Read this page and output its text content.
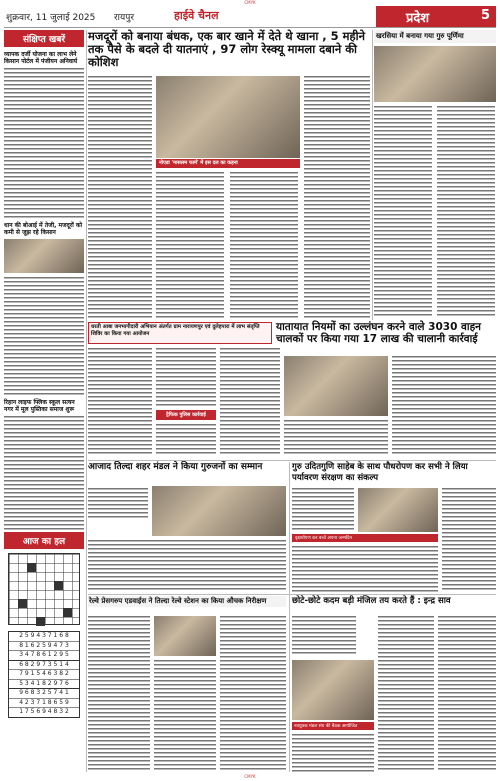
CMYK
शुक्रवार, 11 जुलाई 2025 रायपुर	हाईवे चैनल	प्रदेश	5
संक्षिप्त खबरें
व्यापक दर्जी योजना का लाभ लेने किसान पोर्टल में पंजीयन अनिवार्य
धान की बोआई में तेजी, मजदूरों को कमी से जूझ रहे किसान
रिहान लाइफ फ्लिक स्कूल सत्यन नगर में मूल पुस्तिका समाज शुरू
मजदूरों को बनाया बंधक, एक बार खाने में देते थे खाना , 5 महीने तक पैसे के बदले दी यातनाएं , 97 लोग रेस्क्यू मामला दबाने की कोशिश
नोएडा 'मासलम फार्म' में इस दल का कहना
खरसिया में बनाया गया गुरु पूर्णिमा
धरती आबा जनभागीदारी अभियान अंतर्गत ग्राम नारायणपुर एवं दुलेहपारा में लाभ संतृप्ति शिविर का किया गया आयोजन
यातायात नियमों का उल्लंघन करने वाले 3030 वाहन चालकों पर किया गया 17 लाख की चालानी कार्रवाई
ट्रैफिक पुलिस कार्रवाई
आज का हल
2 5 9 4 3 7 1 6 8
8 1 6 2 5 9 4 7 3
3 4 7 8 6 1 2 9 5
6 8 2 9 7 3 5 1 4
7 9 1 5 4 6 3 8 2
5 3 4 1 8 2 9 7 6
9 6 8 3 2 5 7 4 1
4 2 3 7 1 8 6 5 9
1 7 5 6 9 4 8 3 2
आजाद तिल्दा शहर मंडल ने किया गुरुजनों का सम्मान	गुरु उदितगुणि साहेब के साथ पौधरोपण कर सभी ने लिया पर्यावरण संरक्षण का संकल्प
वृक्षारोपण कर बच्चे अपना जन्मदिन
रेल्वे प्रेसगरुप एडवाईस ने तिल्दा रेल्वे स्टेशन का किया औचक निरीक्षण	छोटे-छोटे कदम बड़ी मंजिल तय करते हैं : इन्द्र साव
नवयुवक मंडल संघ की बैठक आयोजित
CMYK
